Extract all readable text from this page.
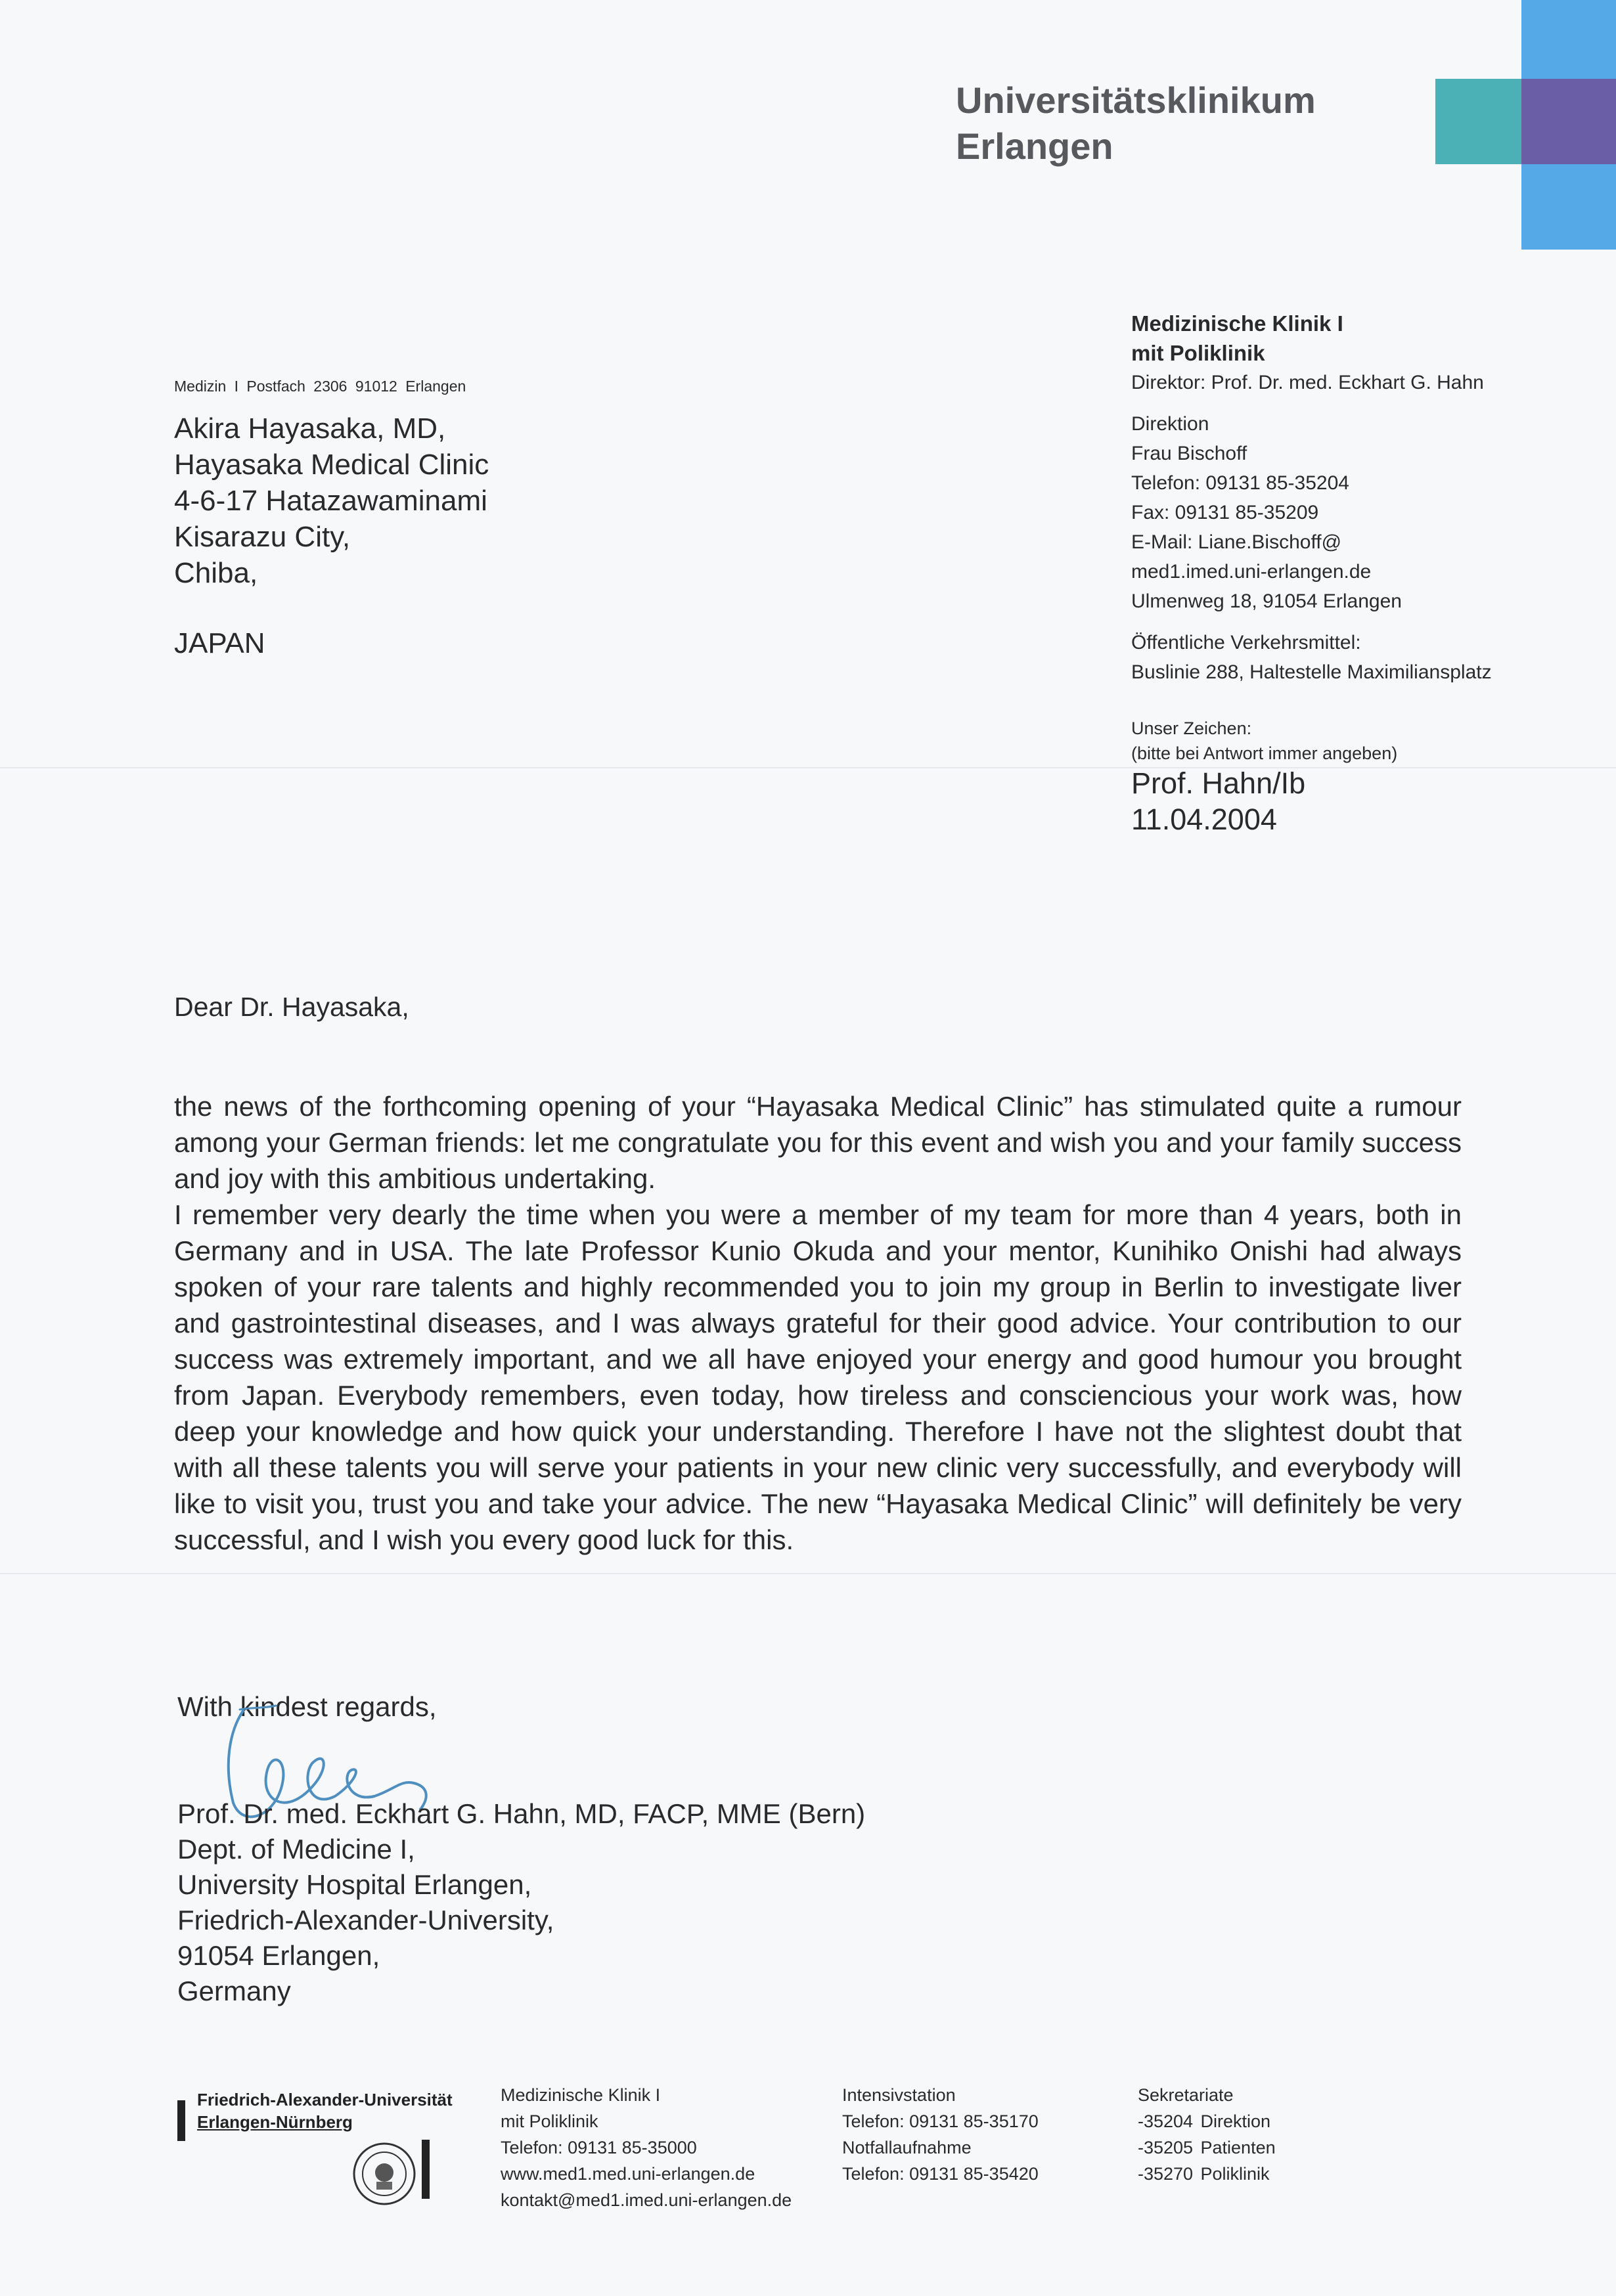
Universitätsklinikum
Erlangen
Medizin I Postfach 2306 91012 Erlangen
Akira Hayasaka, MD,
Hayasaka Medical Clinic
4-6-17 Hatazawaminami
Kisarazu City,
Chiba,
JAPAN
Medizinische Klinik I
mit Poliklinik
Direktor: Prof. Dr. med. Eckhart G. Hahn
Direktion
Frau Bischoff
Telefon: 09131 85-35204
Fax: 09131 85-35209
E-Mail: Liane.Bischoff@
med1.imed.uni-erlangen.de
Ulmenweg 18, 91054 Erlangen
Öffentliche Verkehrsmittel:
Buslinie 288, Haltestelle Maximiliansplatz
Unser Zeichen:
(bitte bei Antwort immer angeben)
Prof. Hahn/Ib
11.04.2004
Dear Dr. Hayasaka,
the news of the forthcoming opening of your “Hayasaka Medical Clinic” has stimulated quite a rumour among your German friends: let me congratulate you for this event and wish you and your family success and joy with this ambitious undertaking.
I remember very dearly the time when you were a member of my team for more than 4 years, both in Germany and in USA. The late Professor Kunio Okuda and your mentor, Kunihiko Onishi had always spoken of your rare talents and highly recommended you to join my group in Berlin to investigate liver and gastrointestinal diseases, and I was always grateful for their good advice. Your contribution to our success was extremely important, and we all have enjoyed your energy and good humour you brought from Japan. Everybody remembers, even today, how tireless and consciencious your work was, how deep your knowledge and how quick your understanding. Therefore I have not the slightest doubt that with all these talents you will serve your patients in your new clinic very successfully, and everybody will like to visit you, trust you and take your advice. The new “Hayasaka Medical Clinic” will definitely be very successful, and I wish you every good luck for this.
With kindest regards,
Prof. Dr. med. Eckhart G. Hahn, MD, FACP, MME (Bern)
Dept. of Medicine I,
University Hospital Erlangen,
Friedrich-Alexander-University,
91054 Erlangen,
Germany
Friedrich-Alexander-Universität
Erlangen-Nürnberg
Medizinische Klinik I
mit Poliklinik
Telefon: 09131 85-35000
www.med1.med.uni-erlangen.de
kontakt@med1.imed.uni-erlangen.de
Intensivstation
Telefon: 09131 85-35170
Notfallaufnahme
Telefon: 09131 85-35420
Sekretariate
-35204 Direktion
-35205 Patienten
-35270 Poliklinik
